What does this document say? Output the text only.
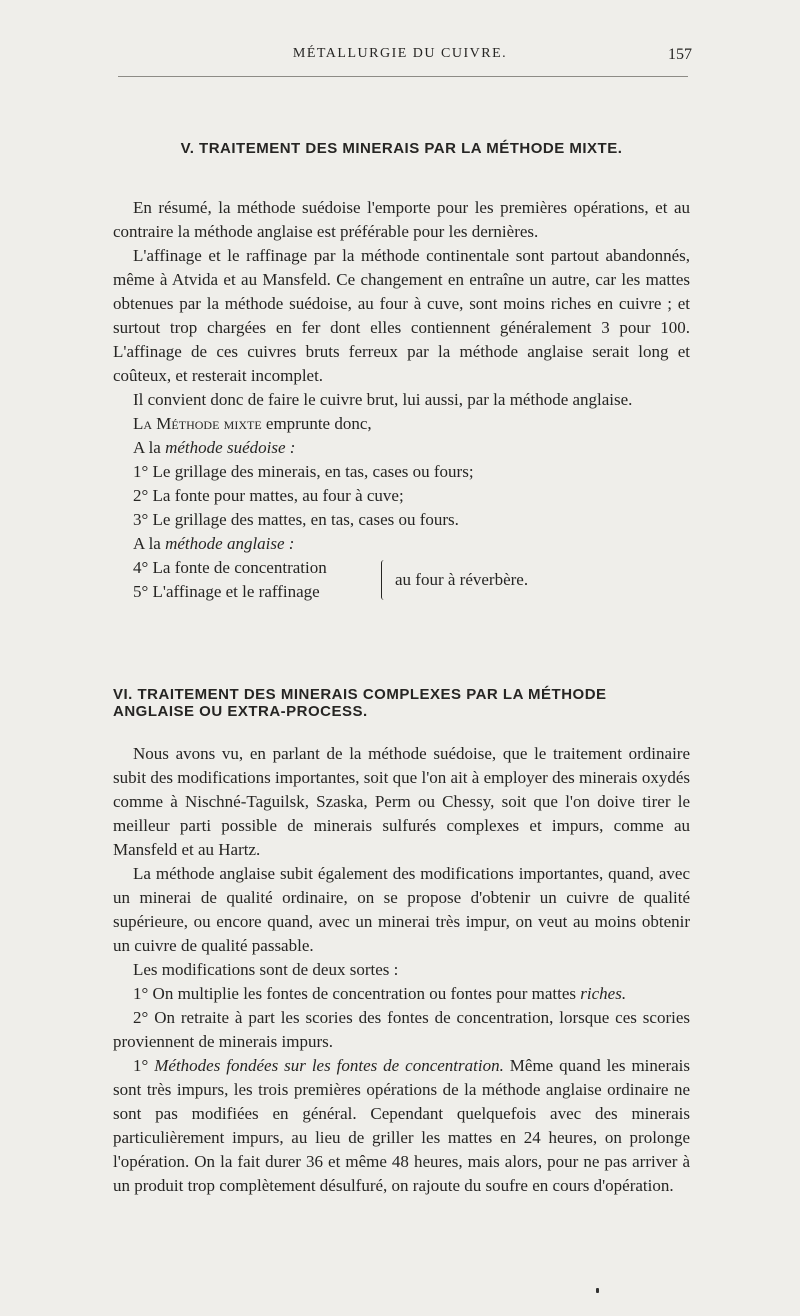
MÉTALLURGIE DU CUIVRE.	157
V. TRAITEMENT DES MINERAIS PAR LA MÉTHODE MIXTE.

En résumé, la méthode suédoise l'emporte pour les premières opérations, et au contraire la méthode anglaise est préférable pour les dernières.

L'affinage et le raffinage par la méthode continentale sont partout abandonnés, même à Atvida et au Mansfeld. Ce changement en entraîne un autre, car les mattes obtenues par la méthode suédoise, au four à cuve, sont moins riches en cuivre ; et surtout trop chargées en fer dont elles contiennent généralement 3 pour 100. L'affinage de ces cuivres bruts ferreux par la méthode anglaise serait long et coûteux, et resterait incomplet.

Il convient donc de faire le cuivre brut, lui aussi, par la méthode anglaise.

La Méthode mixte emprunte donc,
A la méthode suédoise :
1° Le grillage des minerais, en tas, cases ou fours;
2° La fonte pour mattes, au four à cuve;
3° Le grillage des mattes, en tas, cases ou fours.
A la méthode anglaise :
4° La fonte de concentration
5° L'affinage et le raffinage
au four à réverbère.
VI. TRAITEMENT DES MINERAIS COMPLEXES PAR LA MÉTHODE ANGLAISE OU EXTRA-PROCESS.

Nous avons vu, en parlant de la méthode suédoise, que le traitement ordinaire subit des modifications importantes, soit que l'on ait à employer des minerais oxydés comme à Nischné-Taguilsk, Szaska, Perm ou Chessy, soit que l'on doive tirer le meilleur parti possible de minerais sulfurés complexes et impurs, comme au Mansfeld et au Hartz.

La méthode anglaise subit également des modifications importantes, quand, avec un minerai de qualité ordinaire, on se propose d'obtenir un cuivre de qualité supérieure, ou encore quand, avec un minerai très impur, on veut au moins obtenir un cuivre de qualité passable.

Les modifications sont de deux sortes :

1° On multiplie les fontes de concentration ou fontes pour mattes riches.

2° On retraite à part les scories des fontes de concentration, lorsque ces scories proviennent de minerais impurs.

1° Méthodes fondées sur les fontes de concentration. Même quand les minerais sont très impurs, les trois premières opérations de la méthode anglaise ordinaire ne sont pas modifiées en général. Cependant quelquefois avec des minerais particulièrement impurs, au lieu de griller les mattes en 24 heures, on prolonge l'opération. On la fait durer 36 et même 48 heures, mais alors, pour ne pas arriver à un produit trop complètement désulfuré, on rajoute du soufre en cours d'opération.
